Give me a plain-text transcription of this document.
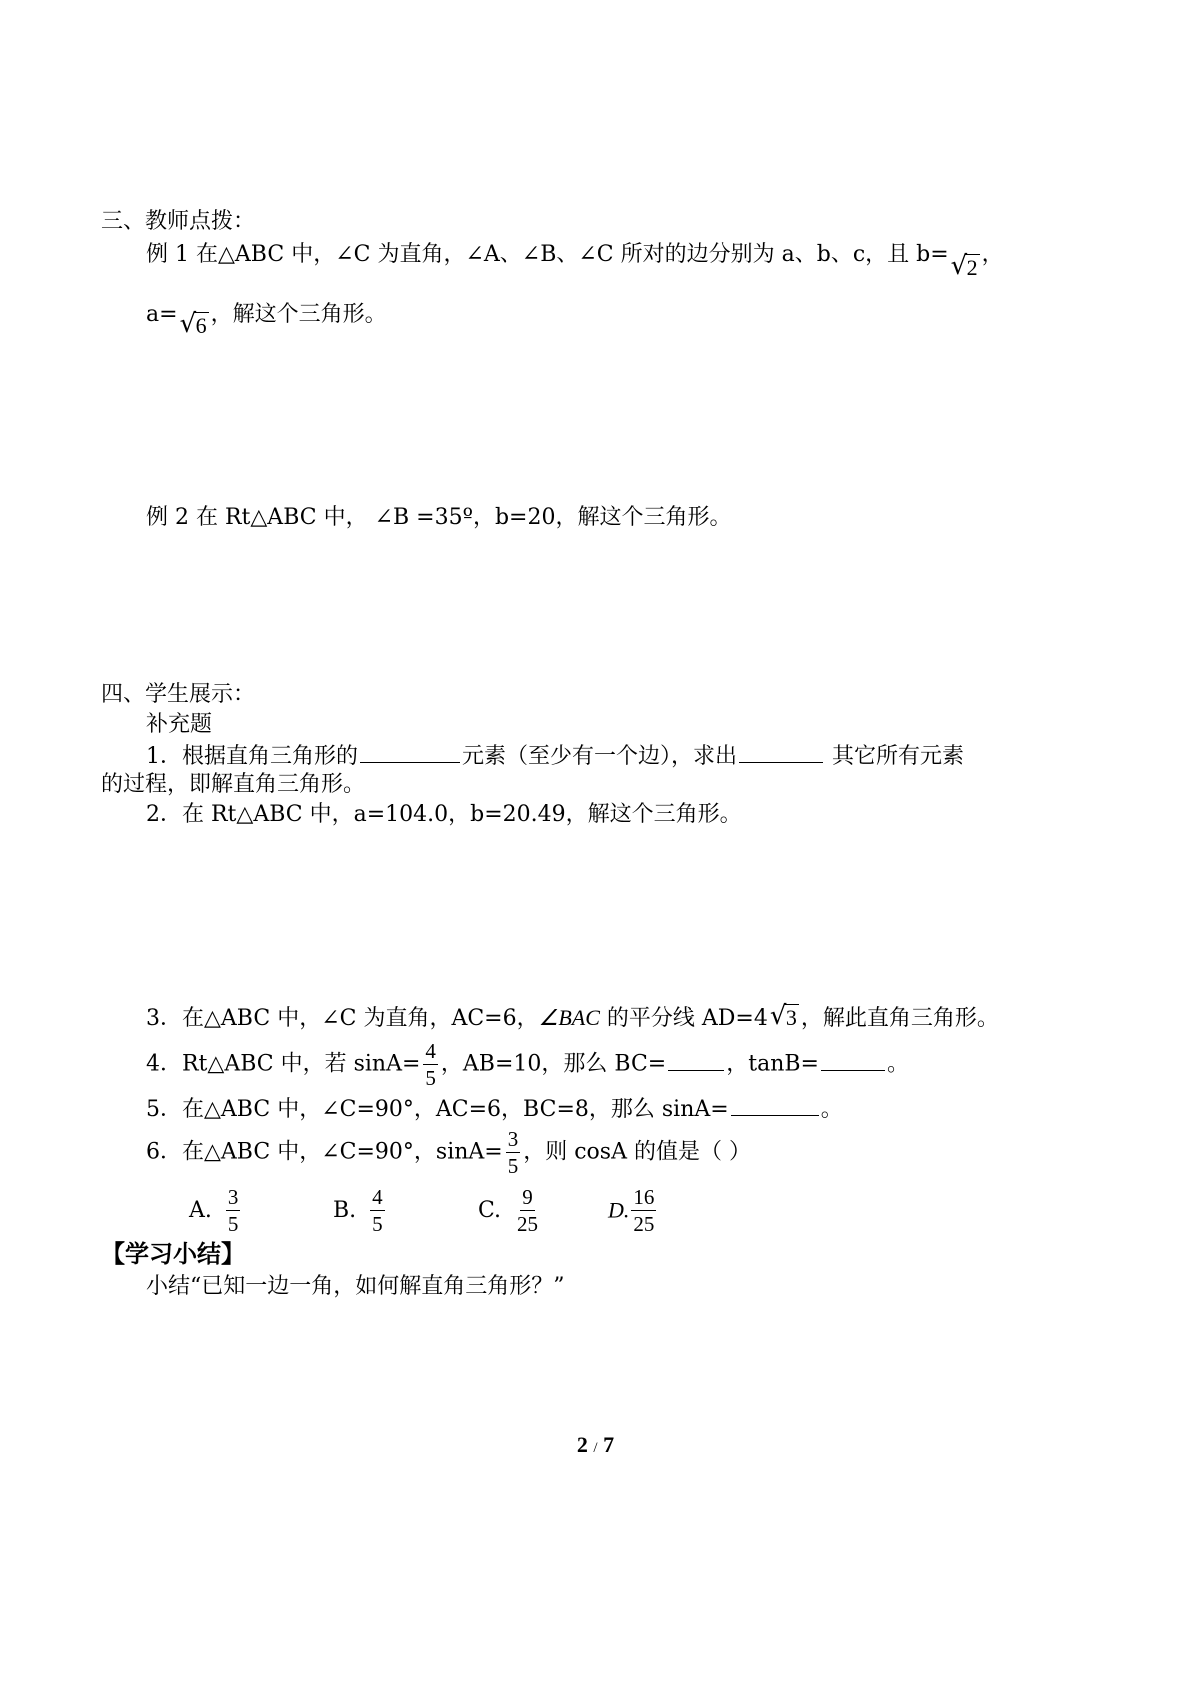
三、教师点拨：
例 1 在△ABC 中，∠C 为直角，∠A、∠B、∠C 所对的边分别为 a、b、c，且 b= √ 2，
a= √ 6 ，解这个三角形。
例 2 在 Rt△ABC 中， ∠B =35º，b=20，解这个三角形。
四、学生展示：
补充题
1．根据直角三角形的	元素（至少有一个边），求出	其它所有元素
的过程，即解直角三角形。
2．在 Rt△ABC 中，a=104.0，b=20.49，解这个三角形。
3．在△ABC 中，∠C 为直角，AC=6，∠BAC 的平分线 AD=4 √ 3 ，解此直角三角形。
4．Rt△ABC 中，若 $\sin A= \frac{4}{5}$ ，AB=10，那么 BC=	，tanB=	。
5．在△ABC 中，∠C=90°，AC=6，BC=8，那么 sinA=	。
6．在△ABC 中，∠C=90°，$\sin A= \frac{3}{5}$ ，则 cosA 的值是（ ）
A. $\frac{3}{5}$	B. $\frac{4}{5}$	C. $\frac{9}{25}$	D. $\frac{16}{25}$
【学习小结】
小结“已知一边一角，如何解直角三角形？”
2 / 7
